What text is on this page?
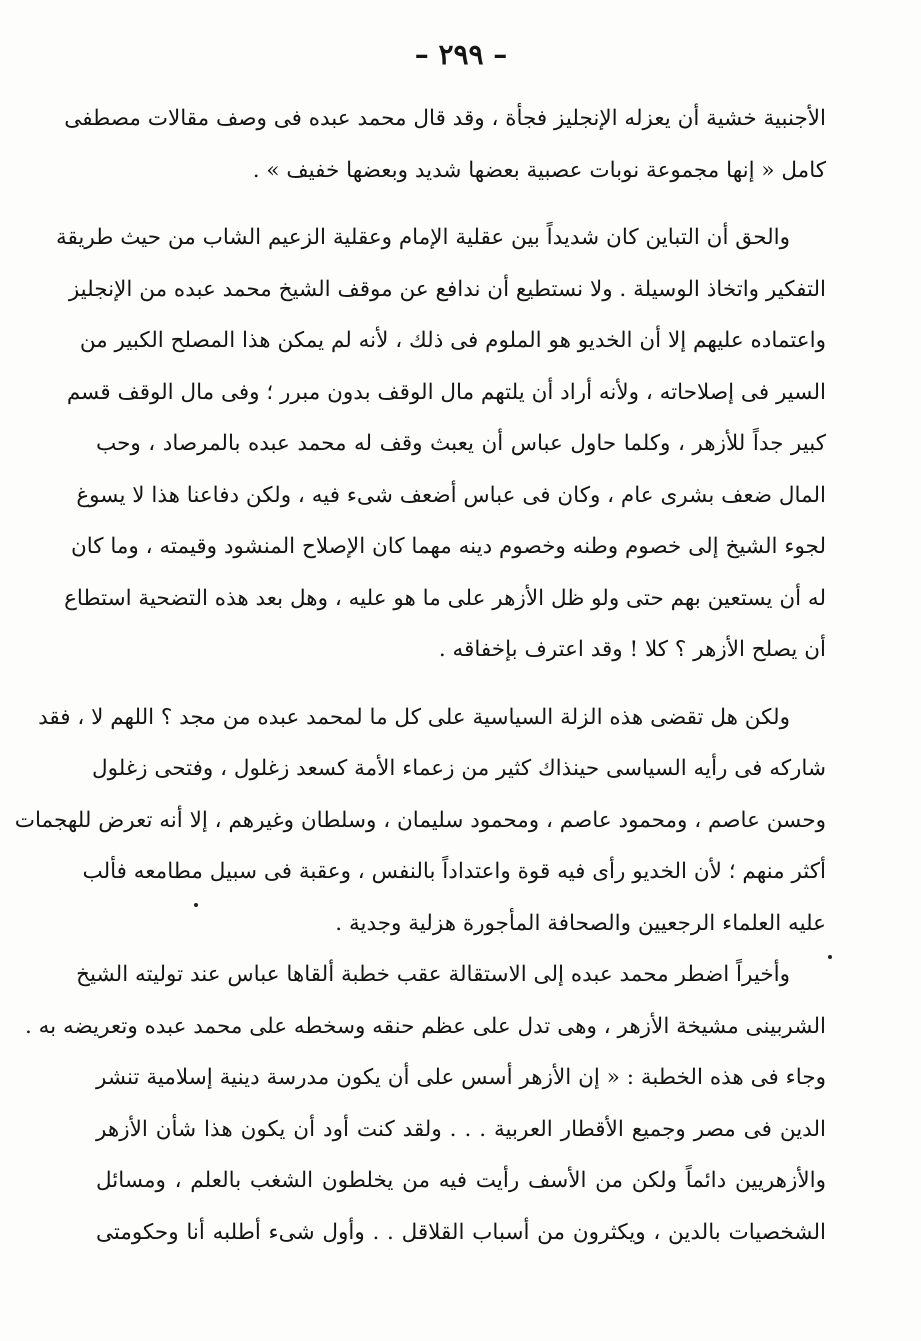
– ٢٩٩ –
الأجنبية خشية أن يعزله الإنجليز فجأة ، وقد قال محمد عبده فى وصف مقالات مصطفى
كامل « إنها مجموعة نوبات عصبية بعضها شديد وبعضها خفيف » .
والحق أن التباين كان شديداً بين عقلية الإمام وعقلية الزعيم الشاب من حيث طريقة
التفكير واتخاذ الوسيلة . ولا نستطيع أن ندافع عن موقف الشيخ محمد عبده من الإنجليز
واعتماده عليهم إلا أن الخديو هو الملوم فى ذلك ، لأنه لم يمكن هذا المصلح الكبير من
السير فى إصلاحاته ، ولأنه أراد أن يلتهم مال الوقف بدون مبرر ؛ وفى مال الوقف قسم
كبير جداً للأزهر ، وكلما حاول عباس أن يعبث وقف له محمد عبده بالمرصاد ، وحب
المال ضعف بشرى عام ، وكان فى عباس أضعف شىء فيه ، ولكن دفاعنا هذا لا يسوغ
لجوء الشيخ إلى خصوم وطنه وخصوم دينه مهما كان الإصلاح المنشود وقيمته ، وما كان
له أن يستعين بهم حتى ولو ظل الأزهر على ما هو عليه ، وهل بعد هذه التضحية استطاع
أن يصلح الأزهر ؟ كلا ! وقد اعترف بإخفاقه .
ولكن هل تقضى هذه الزلة السياسية على كل ما لمحمد عبده من مجد ؟ اللهم لا ، فقد
شاركه فى رأيه السياسى حينذاك كثير من زعماء الأمة كسعد زغلول ، وفتحى زغلول
وحسن عاصم ، ومحمود عاصم ، ومحمود سليمان ، وسلطان وغيرهم ، إلا أنه تعرض للهجمات
أكثر منهم ؛ لأن الخديو رأى فيه قوة واعتداداً بالنفس ، وعقبة فى سبيل مطامعه فألب
عليه العلماء الرجعيين والصحافة المأجورة هزلية وجدية .
وأخيراً اضطر محمد عبده إلى الاستقالة عقب خطبة ألقاها عباس عند توليته الشيخ
الشربينى مشيخة الأزهر ، وهى تدل على عظم حنقه وسخطه على محمد عبده وتعريضه به .
وجاء فى هذه الخطبة : « إن الأزهر أسس على أن يكون مدرسة دينية إسلامية تنشر
الدين فى مصر وجميع الأقطار العربية . . . ولقد كنت أود أن يكون هذا شأن الأزهر
والأزهريين دائماً ولكن من الأسف رأيت فيه من يخلطون الشغب بالعلم ، ومسائل
الشخصيات بالدين ، ويكثرون من أسباب القلاقل . . وأول شىء أطلبه أنا وحكومتى
